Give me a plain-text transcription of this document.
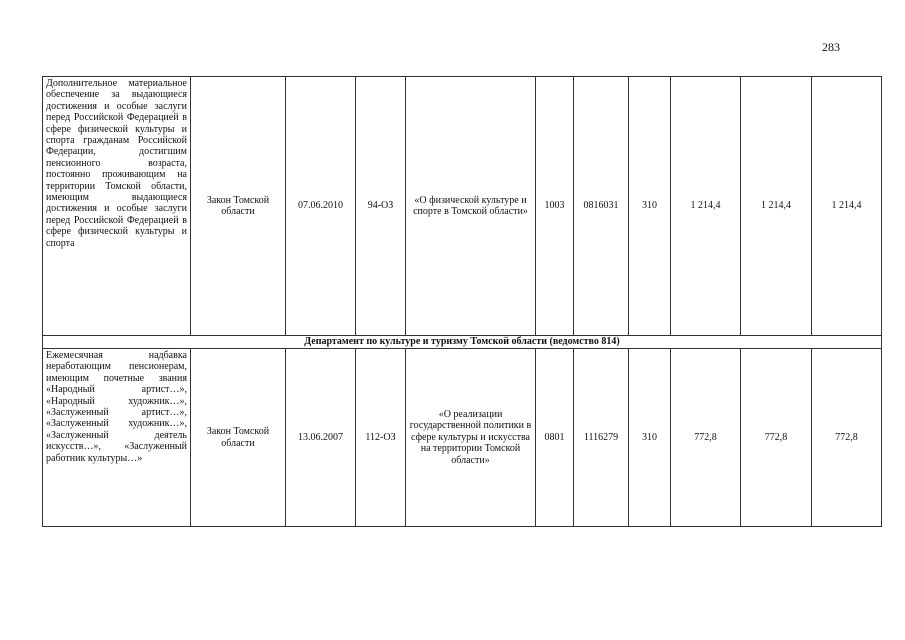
283
Дополнительное материальное обеспечение за выдающиеся достижения и особые заслуги перед Российской Федерацией в сфере физической культуры и спорта гражданам Российской Федерации, достигшим пенсионного возраста, постоянно проживающим на территории Томской области, имеющим выдающиеся достижения и особые заслуги перед Российской Федерацией в сфере физической культуры и спорта	Закон Томской области	07.06.2010	94-ОЗ	«О физической культуре и спорте в Томской области»	1003	0816031	310	1 214,4	1 214,4	1 214,4
Департамент по культуре и туризму Томской области (ведомство 814)										
Ежемесячная надбавка неработающим пенсионерам, имеющим почетные звания «Народный артист…», «Народный художник…», «Заслуженный артист…», «Заслуженный художник…», «Заслуженный деятель искусств…», «Заслуженный работник культуры…»	Закон Томской области	13.06.2007	112-ОЗ	«О реализации государственной политики в сфере культуры и искусства на территории Томской области»	0801	1116279	310	772,8	772,8	772,8
